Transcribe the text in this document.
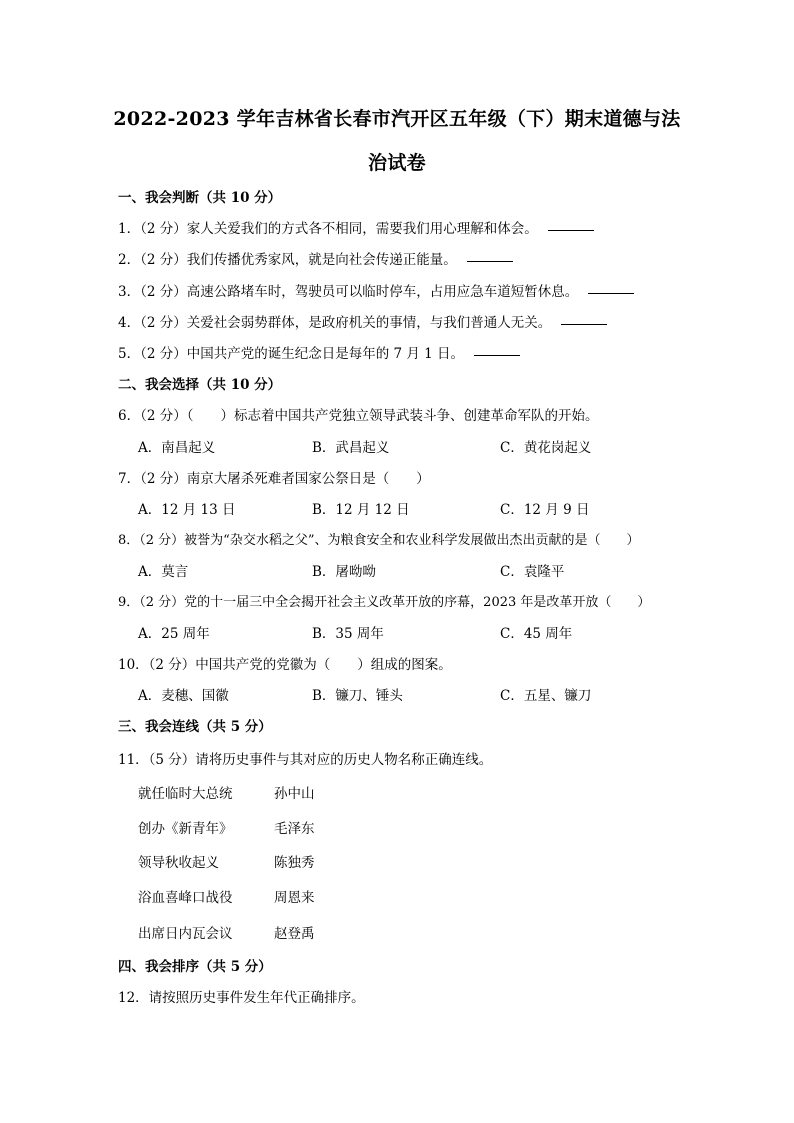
2022-2023 学年吉林省长春市汽开区五年级（下）期末道德与法
治试卷
一、我会判断（共 10 分）
1．（2 分）家人关爱我们的方式各不相同，需要我们用心理解和体会。
2．（2 分）我们传播优秀家风，就是向社会传递正能量。
3．（2 分）高速公路堵车时，驾驶员可以临时停车，占用应急车道短暂休息。
4．（2 分）关爱社会弱势群体，是政府机关的事情，与我们普通人无关。
5．（2 分）中国共产党的诞生纪念日是每年的 7 月 1 日。
二、我会选择（共 10 分）
6．（2 分）（　　）标志着中国共产党独立领导武装斗争、创建革命军队的开始。
A．南昌起义	B．武昌起义	C．黄花岗起义
7．（2 分）南京大屠杀死难者国家公祭日是（　　）
A．12 月 13 日	B．12 月 12 日	C．12 月 9 日
8．（2 分）被誉为“杂交水稻之父”、为粮食安全和农业科学发展做出杰出贡献的是（　　）
A．莫言	B．屠呦呦	C．袁隆平
9．（2 分）党的十一届三中全会揭开社会主义改革开放的序幕，2023 年是改革开放（　　）
A．25 周年	B．35 周年	C．45 周年
10．（2 分）中国共产党的党徽为（　　）组成的图案。
A．麦穗、国徽	B．镰刀、锤头	C．五星、镰刀
三、我会连线（共 5 分）
11．（5 分）请将历史事件与其对应的历史人物名称正确连线。
就任临时大总统	孙中山
创办《新青年》	毛泽东
领导秋收起义	陈独秀
浴血喜峰口战役	周恩来
出席日内瓦会议	赵登禹
四、我会排序（共 5 分）
12．请按照历史事件发生年代正确排序。
